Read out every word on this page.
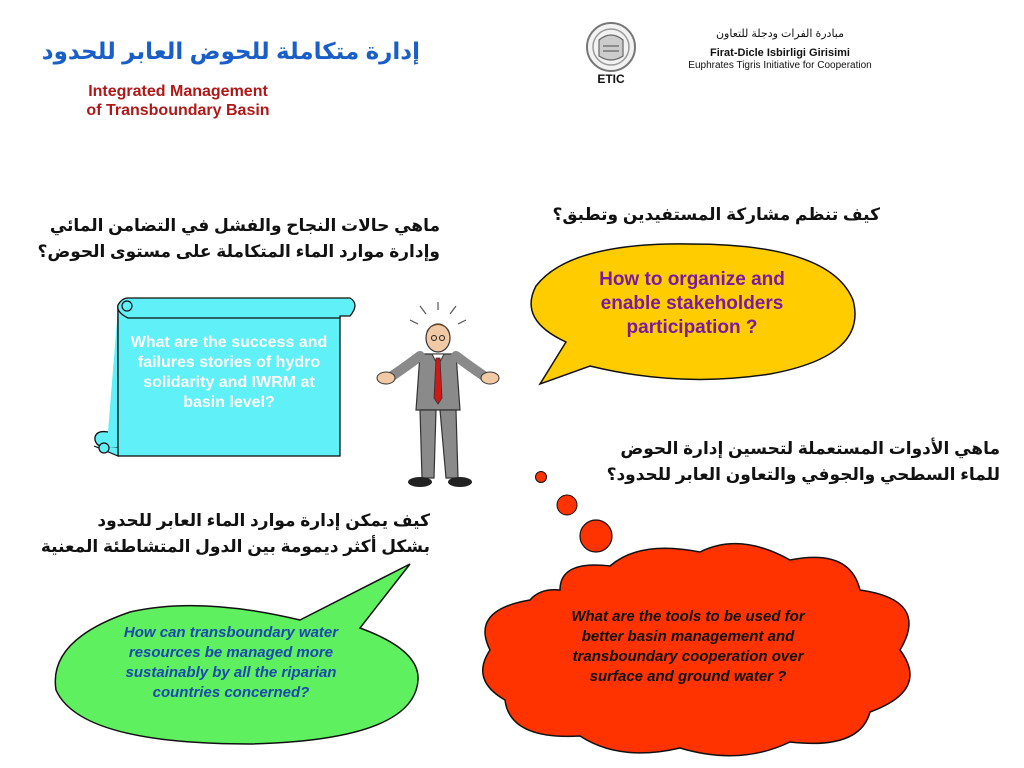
إدارة متكاملة للحوض العابر للحدود
Integrated Management
of Transboundary Basin
ETIC
مبادرة الفرات ودجلة للتعاون
Firat-Dicle Isbirligi Girisimi
Euphrates Tigris Initiative for Cooperation
كيف تنظم مشاركة المستفيدين وتطبق؟
ماهي حالات النجاح والفشل في التضامن المائي
وإدارة موارد الماء المتكاملة على مستوى الحوض؟
ماهي الأدوات المستعملة لتحسين إدارة الحوض
للماء السطحي والجوفي والتعاون العابر للحدود؟
كيف يمكن إدارة موارد الماء العابر للحدود
بشكل أكثر ديمومة بين الدول المتشاطئة المعنية
How to organize and enable stakeholders participation ?
What are the success and failures stories of hydro solidarity and IWRM at basin level?
How can transboundary water resources be managed more sustainably by all the riparian countries concerned?
What are the tools to be used for better basin management and transboundary cooperation over surface and ground water ?
